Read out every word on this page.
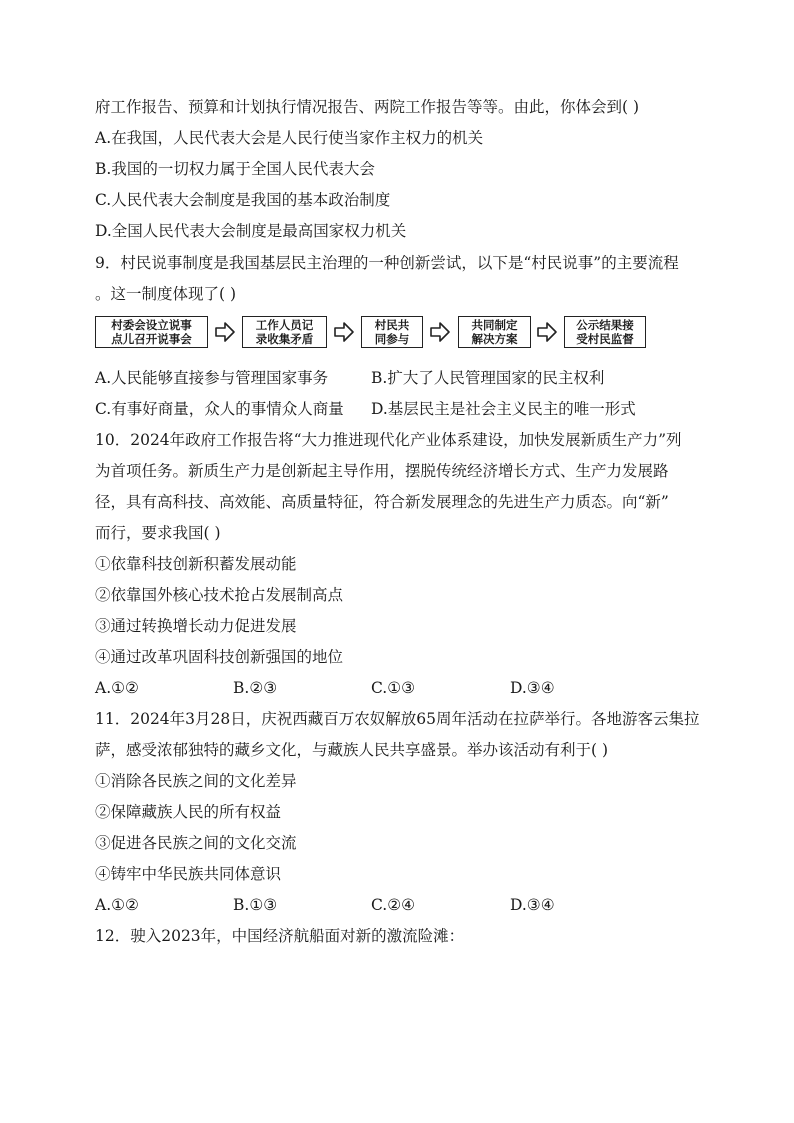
府工作报告、预算和计划执行情况报告、两院工作报告等等。由此，你体会到( )
A.在我国，人民代表大会是人民行使当家作主权力的机关
B.我国的一切权力属于全国人民代表大会
C.人民代表大会制度是我国的基本政治制度
D.全国人民代表大会制度是最高国家权力机关
9．村民说事制度是我国基层民主治理的一种创新尝试，以下是“村民说事”的主要流程
。这一制度体现了( )
村委会设立说事
点儿召开说事会
工作人员记
录收集矛盾
村民共
同参与
共同制定
解决方案
公示结果接
受村民监督
A.人民能够直接参与管理国家事务	B.扩大了人民管理国家的民主权利
C.有事好商量，众人的事情众人商量 D.基层民主是社会主义民主的唯一形式
10．2024年政府工作报告将“大力推进现代化产业体系建设，加快发展新质生产力”列
为首项任务。新质生产力是创新起主导作用，摆脱传统经济增长方式、生产力发展路
径，具有高科技、高效能、高质量特征，符合新发展理念的先进生产力质态。向“新”
而行，要求我国( )
①依靠科技创新积蓄发展动能
②依靠国外核心技术抢占发展制高点
③通过转换增长动力促进发展
④通过改革巩固科技创新强国的地位
A.①②	B.②③	C.①③	D.③④
11．2024年3月28日，庆祝西藏百万农奴解放65周年活动在拉萨举行。各地游客云集拉
萨，感受浓郁独特的藏乡文化，与藏族人民共享盛景。举办该活动有利于( )
①消除各民族之间的文化差异
②保障藏族人民的所有权益
③促进各民族之间的文化交流
④铸牢中华民族共同体意识
A.①②	B.①③	C.②④	D.③④
12．驶入2023年，中国经济航船面对新的激流险滩：
